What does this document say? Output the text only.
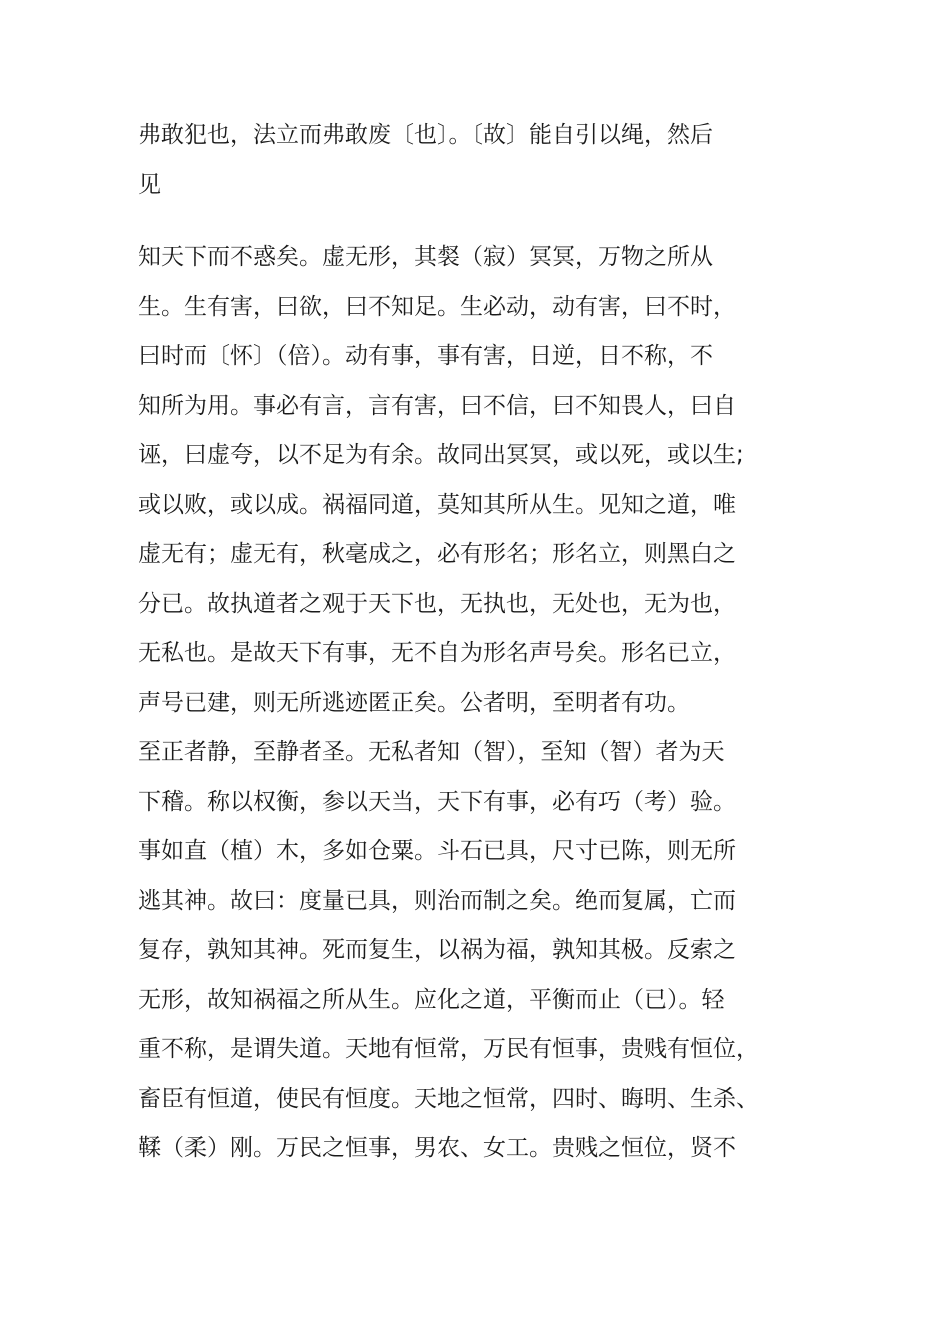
弗敢犯也，法立而弗敢废〔也〕。〔故〕能自引以绳，然后
见
知天下而不惑矣。虚无形，其裻（寂）冥冥，万物之所从
生。生有害，曰欲，曰不知足。生必动，动有害，曰不时，
曰时而〔怀〕（倍）。动有事，事有害，日逆，日不称，不
知所为用。事必有言，言有害，曰不信，曰不知畏人，曰自
诬，曰虚夸，以不足为有余。故同出冥冥，或以死，或以生;
或以败，或以成。祸福同道，莫知其所从生。见知之道，唯
虚无有；虚无有，秋毫成之，必有形名；形名立，则黑白之
分已。故执道者之观于天下也，无执也，无处也，无为也，
无私也。是故天下有事，无不自为形名声号矣。形名已立，
声号已建，则无所逃迹匿正矣。公者明，至明者有功。
至正者静，至静者圣。无私者知（智），至知（智）者为天
下稽。称以权衡，参以天当，天下有事，必有巧（考）验。
事如直（植）木，多如仓粟。斗石已具，尺寸已陈，则无所
逃其神。故曰：度量已具，则治而制之矣。绝而复属，亡而
复存，孰知其神。死而复生，以祸为福，孰知其极。反索之
无形，故知祸福之所从生。应化之道，平衡而止（已）。轻
重不称，是谓失道。天地有恒常，万民有恒事，贵贱有恒位，
畜臣有恒道，使民有恒度。天地之恒常，四时、晦明、生杀、
鞣（柔）刚。万民之恒事，男农、女工。贵贱之恒位，贤不
